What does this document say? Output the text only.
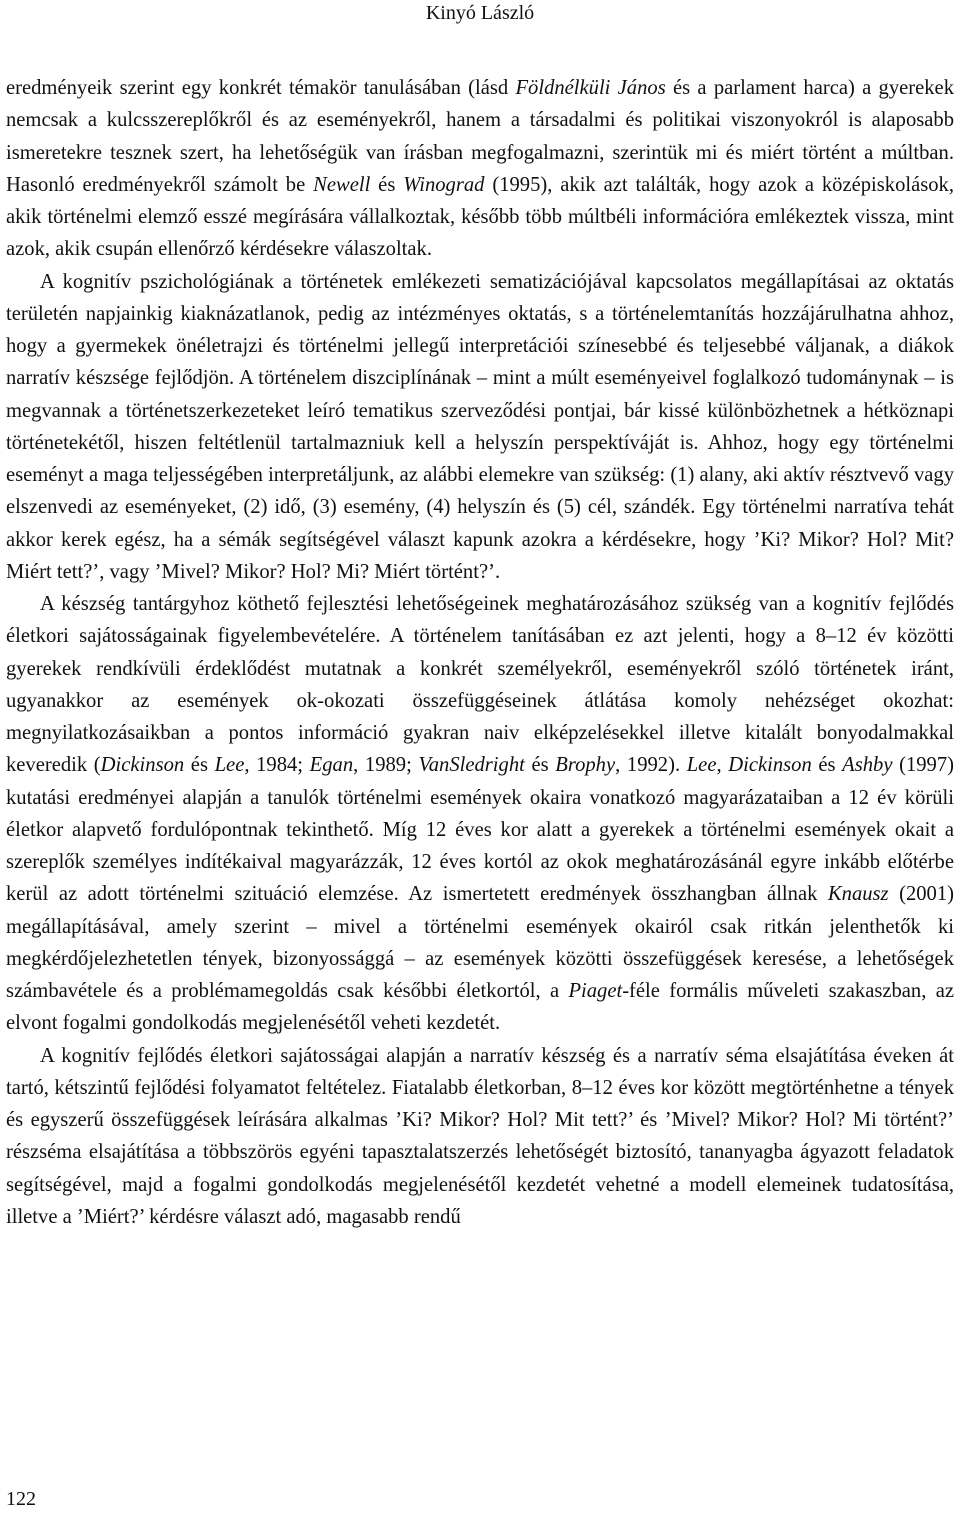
Kinyó László

eredményeik szerint egy konkrét témakör tanulásában (lásd Földnélküli János és a parlament harca) a gyerekek nemcsak a kulcsszereplőkről és az eseményekről, hanem a társadalmi és politikai viszonyokról is alaposabb ismeretekre tesznek szert, ha lehetőségük van írásban megfogalmazni, szerintük mi és miért történt a múltban. Hasonló eredményekről számolt be Newell és Winograd (1995), akik azt találták, hogy azok a középiskolások, akik történelmi elemző esszé megírására vállalkoztak, később több múltbéli információra emlékeztek vissza, mint azok, akik csupán ellenőrző kérdésekre válaszoltak.

A kognitív pszichológiának a történetek emlékezeti sematizációjával kapcsolatos megállapításai az oktatás területén napjainkig kiaknázatlanok, pedig az intézményes oktatás, s a történelemtanítás hozzájárulhatna ahhoz, hogy a gyermekek önéletrajzi és történelmi jellegű interpretációi színesebbé és teljesebbé váljanak, a diákok narratív készsége fejlődjön. A történelem diszciplínának – mint a múlt eseményeivel foglalkozó tudománynak – is megvannak a történetszerkezeteket leíró tematikus szerveződési pontjai, bár kissé különbözhetnek a hétköznapi történetekétől, hiszen feltétlenül tartalmazniuk kell a helyszín perspektíváját is. Ahhoz, hogy egy történelmi eseményt a maga teljességében interpretáljunk, az alábbi elemekre van szükség: (1) alany, aki aktív résztvevő vagy elszenvedi az eseményeket, (2) idő, (3) esemény, (4) helyszín és (5) cél, szándék. Egy történelmi narratíva tehát akkor kerek egész, ha a sémák segítségével választ kapunk azokra a kérdésekre, hogy ’Ki? Mikor? Hol? Mit? Miért tett?’, vagy ’Mivel? Mikor? Hol? Mi? Miért történt?’.

A készség tantárgyhoz köthető fejlesztési lehetőségeinek meghatározásához szükség van a kognitív fejlődés életkori sajátosságainak figyelembevételére. A történelem tanításában ez azt jelenti, hogy a 8–12 év közötti gyerekek rendkívüli érdeklődést mutatnak a konkrét személyekről, eseményekről szóló történetek iránt, ugyanakkor az események ok-okozati összefüggéseinek átlátása komoly nehézséget okozhat: megnyilatkozásaikban a pontos információ gyakran naiv elképzelésekkel illetve kitalált bonyodalmakkal keveredik (Dickinson és Lee, 1984; Egan, 1989; VanSledright és Brophy, 1992). Lee, Dickinson és Ashby (1997) kutatási eredményei alapján a tanulók történelmi események okaira vonatkozó magyarázataiban a 12 év körüli életkor alapvető fordulópontnak tekinthető. Míg 12 éves kor alatt a gyerekek a történelmi események okait a szereplők személyes indítékaival magyarázzák, 12 éves kortól az okok meghatározásánál egyre inkább előtérbe kerül az adott történelmi szituáció elemzése. Az ismertetett eredmények összhangban állnak Knausz (2001) megállapításával, amely szerint – mivel a történelmi események okairól csak ritkán jelenthetők ki megkérdőjelezhetetlen tények, bizonyossággá – az események közötti összefüggések keresése, a lehetőségek számbavétele és a problémamegoldás csak későbbi életkortól, a Piaget-féle formális műveleti szakaszban, az elvont fogalmi gondolkodás megjelenésétől veheti kezdetét.

A kognitív fejlődés életkori sajátosságai alapján a narratív készség és a narratív séma elsajátítása éveken át tartó, kétszintű fejlődési folyamatot feltételez. Fiatalabb életkorban, 8–12 éves kor között megtörténhetne a tények és egyszerű összefüggések leírására alkalmas ’Ki? Mikor? Hol? Mit tett?’ és ’Mivel? Mikor? Hol? Mi történt?’ részséma elsajátítása a többszörös egyéni tapasztalatszerzés lehetőségét biztosító, tananyagba ágyazott feladatok segítségével, majd a fogalmi gondolkodás megjelenésétől kezdetét vehetné a modell elemeinek tudatosítása, illetve a ’Miért?’ kérdésre választ adó, magasabb rendű

122
